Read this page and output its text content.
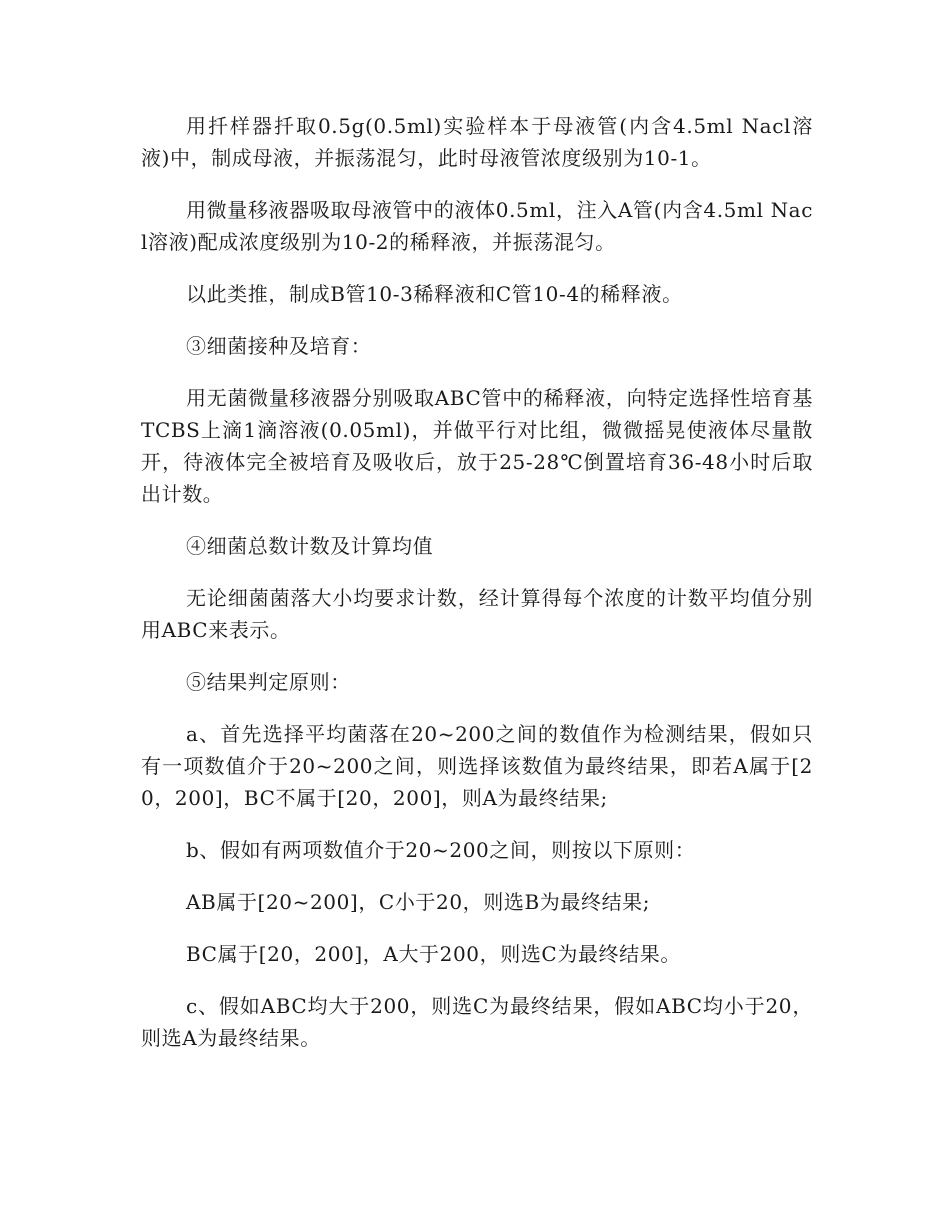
用扦样器扦取0.5g(0.5ml)实验样本于母液管(内含4.5ml Nacl溶液)中，制成母液，并振荡混匀，此时母液管浓度级别为10-1。

用微量移液器吸取母液管中的液体0.5ml，注入A管(内含4.5ml Nacl溶液)配成浓度级别为10-2的稀释液，并振荡混匀。

以此类推，制成B管10-3稀释液和C管10-4的稀释液。

③细菌接种及培育：

用无菌微量移液器分别吸取ABC管中的稀释液，向特定选择性培育基TCBS上滴1滴溶液(0.05ml)，并做平行对比组，微微摇晃使液体尽量散开，待液体完全被培育及吸收后，放于25-28℃倒置培育36-48小时后取出计数。

④细菌总数计数及计算均值

无论细菌菌落大小均要求计数，经计算得每个浓度的计数平均值分别用ABC来表示。

⑤结果判定原则：

a、首先选择平均菌落在20~200之间的数值作为检测结果，假如只有一项数值介于20~200之间，则选择该数值为最终结果，即若A属于[20，200]，BC不属于[20，200]，则A为最终结果;

b、假如有两项数值介于20~200之间，则按以下原则：

AB属于[20~200]，C小于20，则选B为最终结果;

BC属于[20，200]，A大于200，则选C为最终结果。

c、假如ABC均大于200，则选C为最终结果，假如ABC均小于20，则选A为最终结果。
